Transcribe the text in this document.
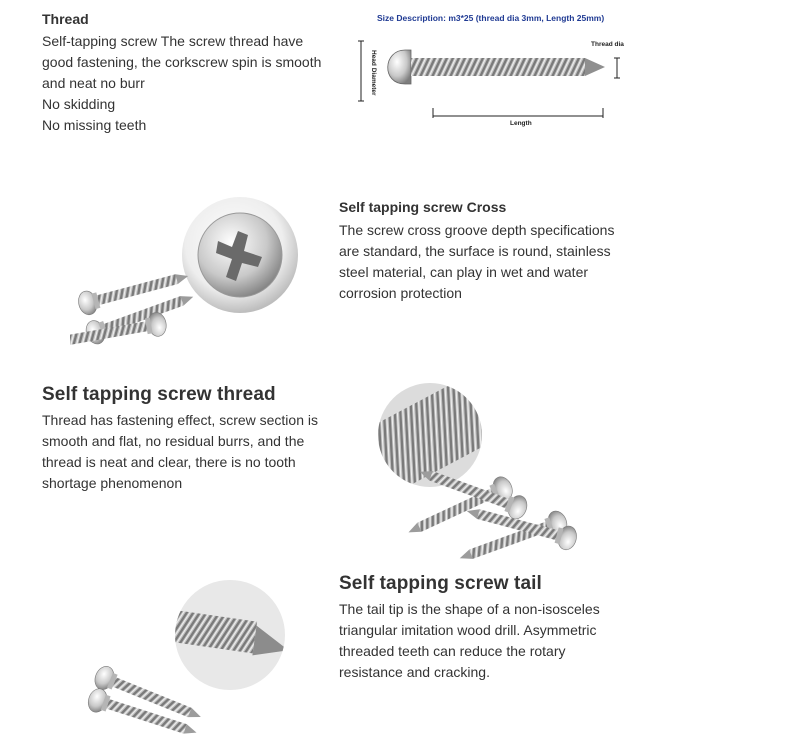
Thread
Self-tapping screw The screw thread have
good fastening, the corkscrew spin is smooth
and neat no burr
No skidding
No missing teeth
Size Description: m3*25 (thread dia 3mm, Length 25mm)
Head Diameter
Thread dia
Length
Self tapping screw Cross
The screw cross groove depth specifications
are standard, the surface is round, stainless
steel material, can play in wet and water
corrosion protection
Self tapping screw thread
Thread has fastening effect, screw section is
smooth and flat, no residual burrs, and the
thread is neat and clear, there is no tooth
shortage phenomenon
Self tapping screw tail
The tail tip is the shape of a non-isosceles
triangular imitation wood drill. Asymmetric
threaded teeth can reduce the rotary
resistance and cracking.
